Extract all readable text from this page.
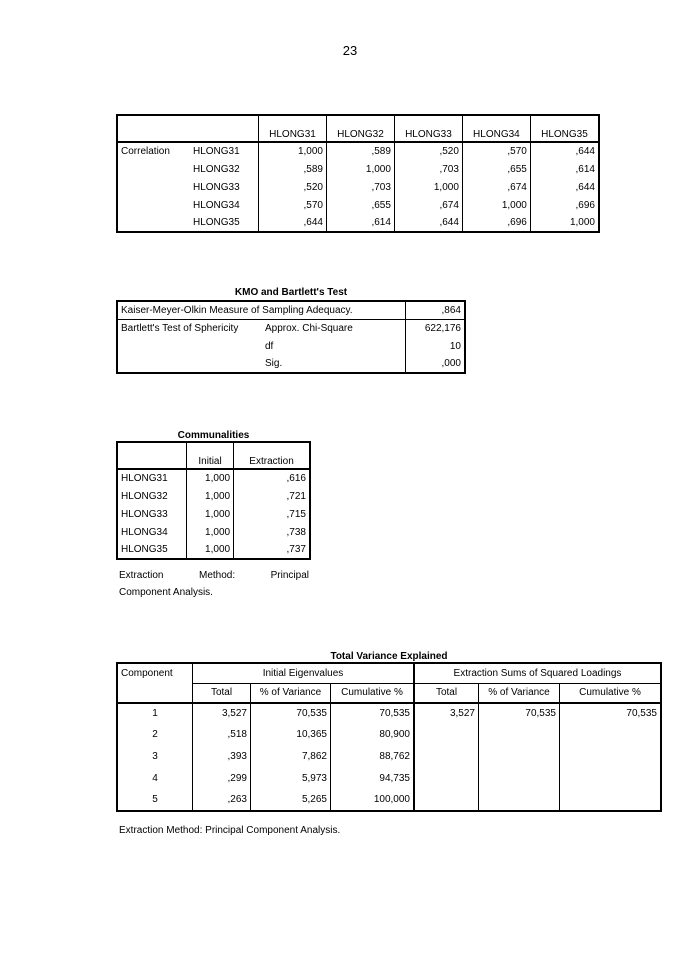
23
		HLONG31	HLONG32	HLONG33	HLONG34	HLONG35
Correlation	HLONG31	1,000	,589	,520	,570	,644
	HLONG32	,589	1,000	,703	,655	,614
	HLONG33	,520	,703	1,000	,674	,644
	HLONG34	,570	,655	,674	1,000	,696
	HLONG35	,644	,614	,644	,696	1,000
KMO and Bartlett's Test
Kaiser-Meyer-Olkin Measure of Sampling Adequacy.		,864
Bartlett's Test of Sphericity	Approx. Chi-Square	622,176
	df	10
	Sig.	,000
Communalities
	Initial	Extraction
HLONG31	1,000	,616
HLONG32	1,000	,721
HLONG33	1,000	,715
HLONG34	1,000	,738
HLONG35	1,000	,737
Extraction	Method:	Principal
Component Analysis.
Total Variance Explained
Component	Initial Eigenvalues			Extraction Sums of Squared Loadings		
	Total	% of Variance	Cumulative %	Total	% of Variance	Cumulative %
1	3,527	70,535	70,535	3,527	70,535	70,535
2	,518	10,365	80,900			
3	,393	7,862	88,762			
4	,299	5,973	94,735			
5	,263	5,265	100,000			
Extraction Method: Principal Component Analysis.
